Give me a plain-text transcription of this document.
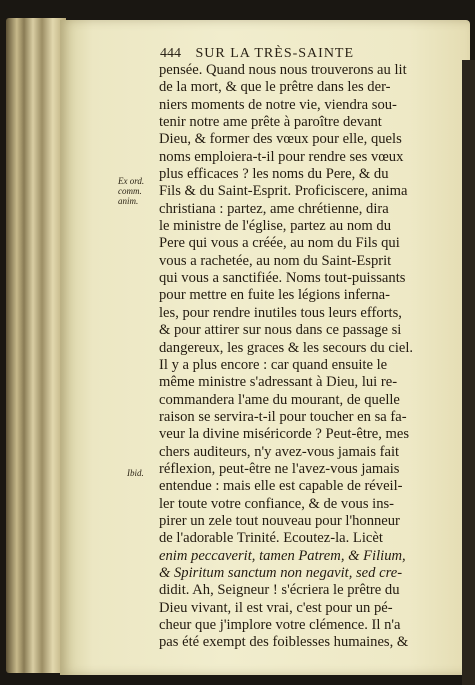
444 SUR LA TRÈS-SAINTE
Ex ord.
comm.
anim.
Ibid.
pensée. Quand nous nous trouverons au lit
de la mort, & que le prêtre dans les der-
niers moments de notre vie, viendra sou-
tenir notre ame prête à paroître devant
Dieu, & former des vœux pour elle, quels
noms emploiera-t-il pour rendre ses vœux
plus efficaces ? les noms du Pere, & du
Fils & du Saint-Esprit. Proficiscere, anima
christiana : partez, ame chrétienne, dira
le ministre de l'église, partez au nom du
Pere qui vous a créée, au nom du Fils qui
vous a rachetée, au nom du Saint-Esprit
qui vous a sanctifiée. Noms tout-puissants
pour mettre en fuite les légions inferna-
les, pour rendre inutiles tous leurs efforts,
& pour attirer sur nous dans ce passage si
dangereux, les graces & les secours du ciel.
Il y a plus encore : car quand ensuite le
même ministre s'adressant à Dieu, lui re-
commandera l'ame du mourant, de quelle
raison se servira-t-il pour toucher en sa fa-
veur la divine miséricorde ? Peut-être, mes
chers auditeurs, n'y avez-vous jamais fait
réflexion, peut-être ne l'avez-vous jamais
entendue : mais elle est capable de réveil-
ler toute votre confiance, & de vous ins-
pirer un zele tout nouveau pour l'honneur
de l'adorable Trinité. Ecoutez-la. Licèt
enim peccaverit, tamen Patrem, & Filium,
& Spiritum sanctum non negavit, sed cre-
didit. Ah, Seigneur ! s'écriera le prêtre du
Dieu vivant, il est vrai, c'est pour un pé-
cheur que j'implore votre clémence. Il n'a
pas été exempt des foiblesses humaines, &
